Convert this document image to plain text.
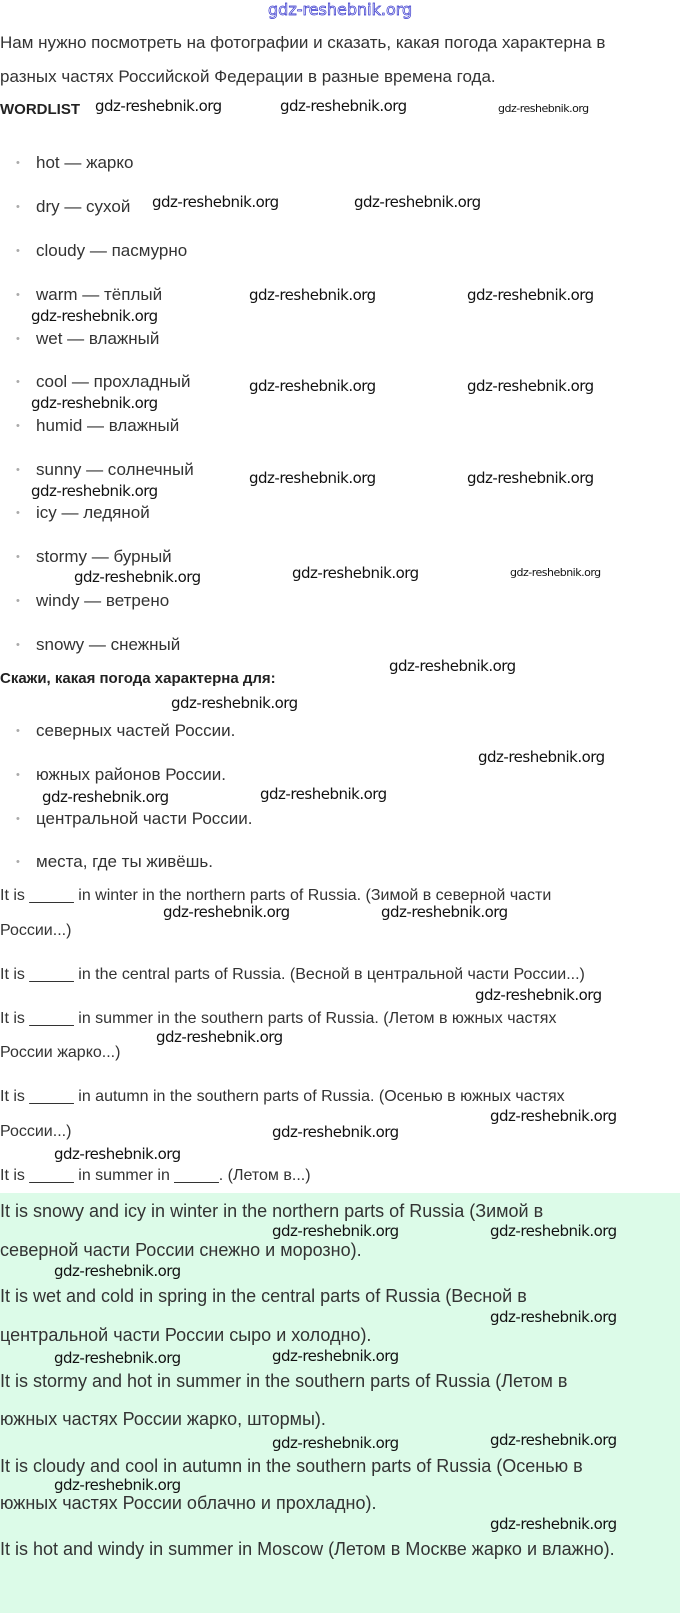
gdz-reshebnik.org
Нам нужно посмотреть на фотографии и сказать, какая погода характерна в
разных частях Российской Федерации в разные времена года.
WORDLIST
• hot — жарко
• dry — сухой
• cloudy — пасмурно
• warm — тёплый
• wet — влажный
• cool — прохладный
• humid — влажный
• sunny — солнечный
• icy — ледяной
• stormy — бурный
• windy — ветрено
• snowy — снежный
Скажи, какая погода характерна для:
• северных частей России.
• южных районов России.
• центральной части России.
• места, где ты живёшь.
It is _____ in winter in the northern parts of Russia. (Зимой в северной части
России...)
It is _____ in the central parts of Russia. (Весной в центральной части России...)
It is _____ in summer in the southern parts of Russia. (Летом в южных частях
России жарко...)
It is _____ in autumn in the southern parts of Russia. (Осенью в южных частях
России...)
It is _____ in summer in _____. (Летом в...)
It is snowy and icy in winter in the northern parts of Russia (Зимой в
северной части России снежно и морозно).
It is wet and cold in spring in the central parts of Russia (Весной в
центральной части России сыро и холодно).
It is stormy and hot in summer in the southern parts of Russia (Летом в
южных частях России жарко, штормы).
It is cloudy and cool in autumn in the southern parts of Russia (Осенью в
южных частях России облачно и прохладно).
It is hot and windy in summer in Moscow (Летом в Москве жарко и влажно).
gdz-reshebnik.org	gdz-reshebnik.org	gdz-reshebnik.org
gdz-reshebnik.org	gdz-reshebnik.org
gdz-reshebnik.org	gdz-reshebnik.org
gdz-reshebnik.org
gdz-reshebnik.org	gdz-reshebnik.org
gdz-reshebnik.org
gdz-reshebnik.org	gdz-reshebnik.org
gdz-reshebnik.org
gdz-reshebnik.org	gdz-reshebnik.org	gdz-reshebnik.org
gdz-reshebnik.org
gdz-reshebnik.org
gdz-reshebnik.org
gdz-reshebnik.org	gdz-reshebnik.org
gdz-reshebnik.org	gdz-reshebnik.org
gdz-reshebnik.org
gdz-reshebnik.org
gdz-reshebnik.org
gdz-reshebnik.org
gdz-reshebnik.org
gdz-reshebnik.org	gdz-reshebnik.org
gdz-reshebnik.org
gdz-reshebnik.org
gdz-reshebnik.org
gdz-reshebnik.org
gdz-reshebnik.org
gdz-reshebnik.org
gdz-reshebnik.org
gdz-reshebnik.org
